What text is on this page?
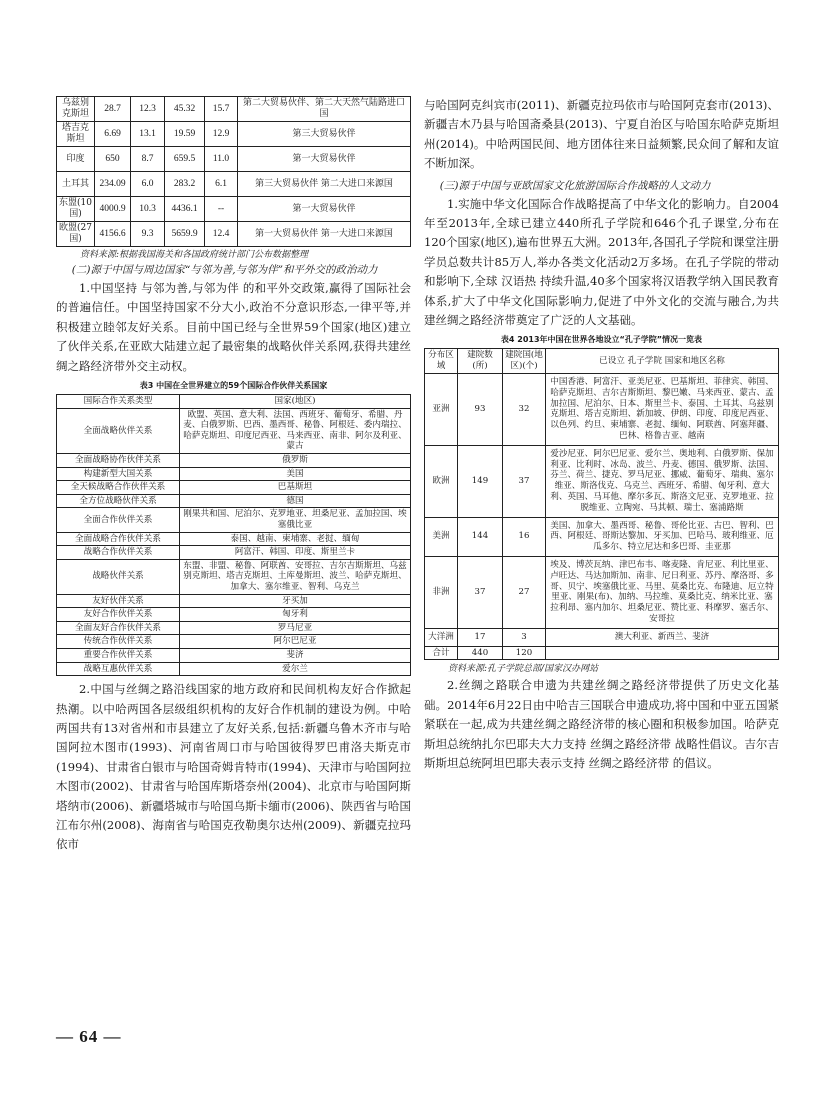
乌兹别克斯坦	28.7	12.3	45.32	15.7	第二大贸易伙伴、第二大天然气陆路进口国
塔吉克斯坦	6.69	13.1	19.59	12.9	第三大贸易伙伴
印度	650	8.7	659.5	11.0	第一大贸易伙伴
土耳其	234.09	6.0	283.2	6.1	第三大贸易伙伴 第二大进口来源国
东盟(10国)	4000.9	10.3	4436.1	--	第一大贸易伙伴
欧盟(27国)	4156.6	9.3	5659.9	12.4	第一大贸易伙伴 第一大进口来源国
资料来源:根据我国海关和各国政府统计部门公布数据整理

(二)源于中国与周边国家“与邻为善,与邻为伴”和平外交的政治动力

1.中国坚持 与邻为善,与邻为伴 的和平外交政策,赢得了国际社会的普遍信任。中国坚持国家不分大小,政治不分意识形态,一律平等,并积极建立睦邻友好关系。目前中国已经与全世界59个国家(地区)建立了伙伴关系,在亚欧大陆建立起了最密集的战略伙伴关系网,获得共建丝绸之路经济带外交主动权。

表3 中国在全世界建立的59个国际合作伙伴关系国家
国际合作关系类型	国家(地区)
全面战略伙伴关系	欧盟、英国、意大利、法国、西班牙、葡萄牙、希腊、丹麦、白俄罗斯、巴西、墨西哥、秘鲁、阿根廷、委内瑞拉、哈萨克斯坦、印度尼西亚、马来西亚、南非、阿尔及利亚、蒙古
全面战略协作伙伴关系	俄罗斯
构建新型大国关系	美国
全天候战略合作伙伴关系	巴基斯坦
全方位战略伙伴关系	德国
全面合作伙伴关系	刚果共和国、尼泊尔、克罗地亚、坦桑尼亚、孟加拉国、埃塞俄比亚
全面战略合作伙伴关系	泰国、越南、柬埔寨、老挝、缅甸
战略合作伙伴关系	阿富汗、韩国、印度、斯里兰卡
战略伙伴关系	东盟、非盟、秘鲁、阿联酋、安哥拉、吉尔吉斯斯坦、乌兹别克斯坦、塔吉克斯坦、土库曼斯坦、波兰、哈萨克斯坦、加拿大、塞尔维亚、智利、乌克兰
友好伙伴关系	牙买加
友好合作伙伴关系	匈牙利
全面友好合作伙伴关系	罗马尼亚
传统合作伙伴关系	阿尔巴尼亚
重要合作伙伴关系	斐济
战略互惠伙伴关系	爱尔兰

2.中国与丝绸之路沿线国家的地方政府和民间机构友好合作掀起热潮。以中哈两国各层级组织机构的友好合作机制的建设为例。中哈两国共有13对省州和市县建立了友好关系,包括:新疆乌鲁木齐市与哈国阿拉木图市(1993)、河南省周口市与哈国彼得罗巴甫洛夫斯克市(1994)、甘肃省白银市与哈国奇姆肯特市(1994)、天津市与哈国阿拉木图市(2002)、甘肃省与哈国库斯塔奈州(2004)、北京市与哈国阿斯塔纳市(2006)、新疆塔城市与哈国乌斯卡缅市(2006)、陕西省与哈国江布尔州(2008)、海南省与哈国克孜勒奥尔达州(2009)、新疆克拉玛依市

与哈国阿克纠宾市(2011)、新疆克拉玛依市与哈国阿克套市(2013)、新疆吉木乃县与哈国斋桑县(2013)、宁夏自治区与哈国东哈萨克斯坦州(2014)。中哈两国民间、地方团体往来日益频繁,民众间了解和友谊不断加深。

(三)源于中国与亚欧国家文化旅游国际合作战略的人文动力

1.实施中华文化国际合作战略提高了中华文化的影响力。自2004年至2013年,全球已建立440所孔子学院和646个孔子课堂,分布在120个国家(地区),遍布世界五大洲。2013年,各国孔子学院和课堂注册学员总数共计85万人,举办各类文化活动2万多场。在孔子学院的带动和影响下,全球 汉语热 持续升温,40多个国家将汉语教学纳入国民教育体系,扩大了中华文化国际影响力,促进了中外文化的交流与融合,为共建丝绸之路经济带奠定了广泛的人文基础。

表4 2013年中国在世界各地设立“孔子学院”情况一览表
分布区域	建院数(所)	建院国(地区)(个)	已设立 孔子学院 国家和地区名称
亚洲	93	32	中国香港、阿富汗、亚美尼亚、巴基斯坦、菲律宾、韩国、哈萨克斯坦、吉尔吉斯斯坦、黎巴嫩、马来西亚、蒙古、孟加拉国、尼泊尔、日本、斯里兰卡、泰国、土耳其、乌兹别克斯坦、塔吉克斯坦、新加坡、伊朗、印度、印度尼西亚、以色列、约旦、柬埔寨、老挝、缅甸、阿联酋、阿塞拜疆、巴林、格鲁吉亚、越南
欧洲	149	37	爱沙尼亚、阿尔巴尼亚、爱尔兰、奥地利、白俄罗斯、保加利亚、比利时、冰岛、波兰、丹麦、德国、俄罗斯、法国、芬兰、荷兰、捷克、罗马尼亚、挪威、葡萄牙、瑞典、塞尔维亚、斯洛伐克、乌克兰、西班牙、希腊、匈牙利、意大利、英国、马耳他、摩尔多瓦、斯洛文尼亚、克罗地亚、拉脱维亚、立陶宛、马其顿、瑞士、塞浦路斯
美洲	144	16	美国、加拿大、墨西哥、秘鲁、哥伦比亚、古巴、智利、巴西、阿根廷、哥斯达黎加、牙买加、巴哈马、玻利维亚、厄瓜多尔、特立尼达和多巴哥、圭亚那
非洲	37	27	埃及、博茨瓦纳、津巴布韦、喀麦隆、肯尼亚、利比里亚、卢旺达、马达加斯加、南非、尼日利亚、苏丹、摩洛哥、多哥、贝宁、埃塞俄比亚、马里、莫桑比克、布隆迪、厄立特里亚、刚果(布)、加纳、马拉维、莫桑比克、纳米比亚、塞拉利昂、塞内加尔、坦桑尼亚、赞比亚、科摩罗、塞舌尔、安哥拉
大洋洲	17	3	澳大利亚、新西兰、斐济
合计	440	120	
资料来源:孔子学院总部/国家汉办网站

2.丝绸之路联合申遗为共建丝绸之路经济带提供了历史文化基础。2014年6月22日由中哈吉三国联合申遗成功,将中国和中亚五国紧紧联在一起,成为共建丝绸之路经济带的核心圈和积极参加国。哈萨克斯坦总统纳扎尔巴耶夫大力支持 丝绸之路经济带 战略性倡议。吉尔吉斯斯坦总统阿坦巴耶夫表示支持 丝绸之路经济带 的倡议。

— 64 —
